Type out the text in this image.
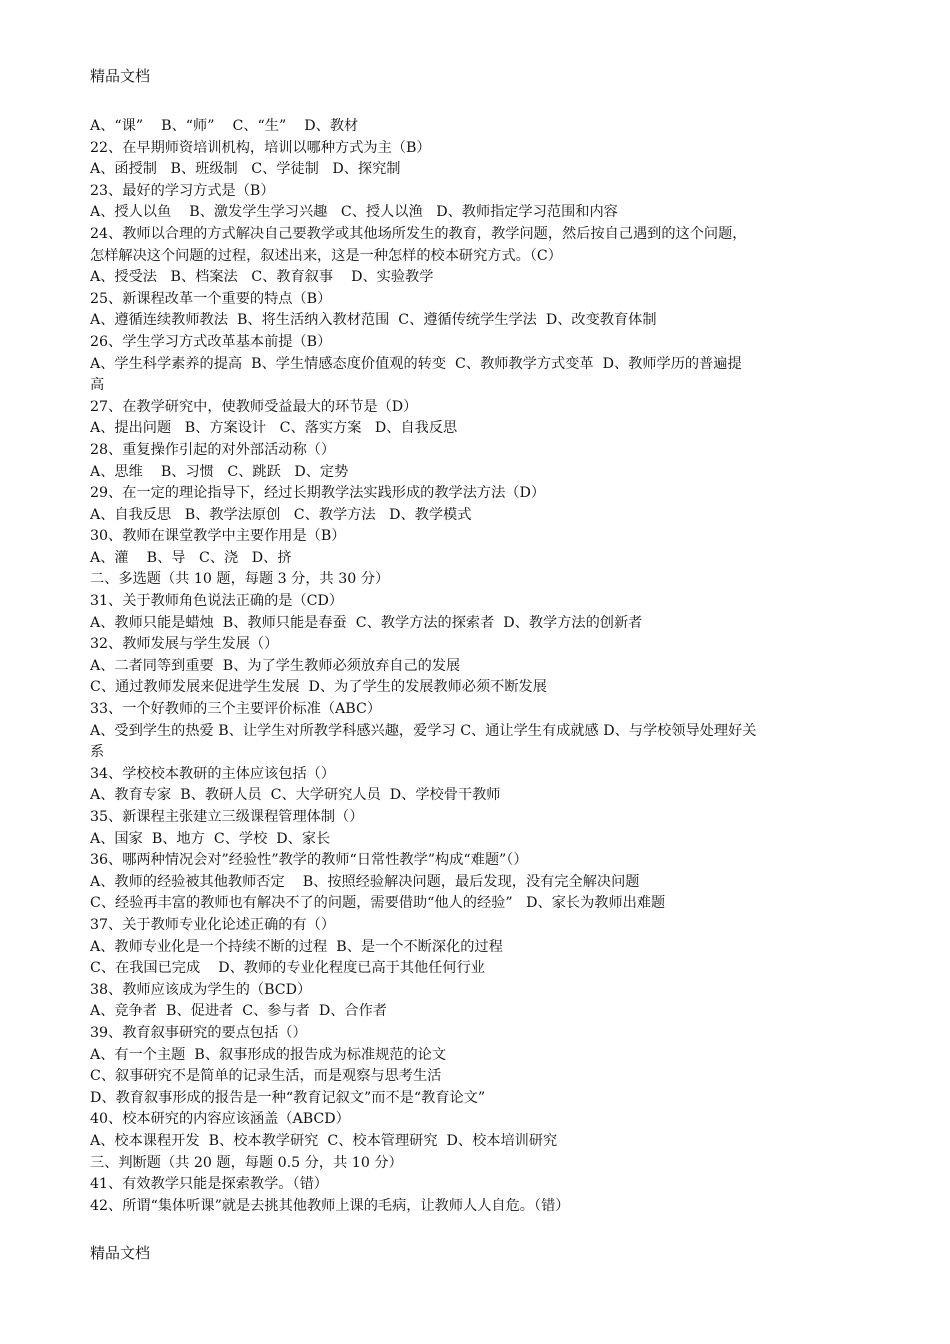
精品文档
A、“课”    B、“师”    C、“生”    D、教材
22、在早期师资培训机构，培训以哪种方式为主（B）
A、函授制   B、班级制   C、学徒制   D、探究制
23、最好的学习方式是（B）
A、授人以鱼    B、激发学生学习兴趣   C、授人以渔   D、教师指定学习范围和内容
24、教师以合理的方式解决自己要教学或其他场所发生的教育，教学问题，然后按自己遇到的这个问题，
怎样解决这个问题的过程，叙述出来，这是一种怎样的校本研究方式。（C）
A、授受法   B、档案法   C、教育叙事    D、实验教学
25、新课程改革一个重要的特点（B）
A、遵循连续教师教法  B、将生活纳入教材范围  C、遵循传统学生学法  D、改变教育体制
26、学生学习方式改革基本前提（B）
A、学生科学素养的提高  B、学生情感态度价值观的转变  C、教师教学方式变革  D、教师学历的普遍提
高
27、在教学研究中，使教师受益最大的环节是（D）
A、提出问题   B、方案设计   C、落实方案   D、自我反思
28、重复操作引起的对外部活动称（）
A、思维    B、习惯   C、跳跃   D、定势
29、在一定的理论指导下，经过长期教学法实践形成的教学法方法（D）
A、自我反思   B、教学法原创   C、教学方法   D、教学模式
30、教师在课堂教学中主要作用是（B）
A、灌    B、导   C、浇   D、挤
二、多选题（共 10 题，每题 3 分，共 30 分）
31、关于教师角色说法正确的是（CD）
A、教师只能是蜡烛  B、教师只能是春蚕  C、教学方法的探索者  D、教学方法的创新者
32、教师发展与学生发展（）
A、二者同等到重要  B、为了学生教师必须放弃自己的发展
C、通过教师发展来促进学生发展  D、为了学生的发展教师必须不断发展
33、一个好教师的三个主要评价标准（ABC）
A、受到学生的热爱 B、让学生对所教学科感兴趣，爱学习 C、通让学生有成就感 D、与学校领导处理好关
系
34、学校校本教研的主体应该包括（）
A、教育专家  B、教研人员  C、大学研究人员  D、学校骨干教师
35、新课程主张建立三级课程管理体制（）
A、国家  B、地方  C、学校  D、家长
36、哪两种情况会对”经验性”教学的教师“日常性教学”构成“难题”（）
A、教师的经验被其他教师否定    B、按照经验解决问题，最后发现，没有完全解决问题
C、经验再丰富的教师也有解决不了的问题，需要借助“他人的经验”   D、家长为教师出难题
37、关于教师专业化论述正确的有（）
A、教师专业化是一个持续不断的过程  B、是一个不断深化的过程
C、在我国已完成    D、教师的专业化程度已高于其他任何行业
38、教师应该成为学生的（BCD）
A、竞争者  B、促进者  C、参与者  D、合作者
39、教育叙事研究的要点包括（）
A、有一个主题  B、叙事形成的报告成为标准规范的论文
C、叙事研究不是简单的记录生活，而是观察与思考生活
D、教育叙事形成的报告是一种“教育记叙文”而不是“教育论文”
40、校本研究的内容应该涵盖（ABCD）
A、校本课程开发  B、校本教学研究  C、校本管理研究  D、校本培训研究
三、判断题（共 20 题，每题 0.5 分，共 10 分）
41、有效教学只能是探索教学。（错）
42、所谓“集体听课”就是去挑其他教师上课的毛病，让教师人人自危。（错）
精品文档
